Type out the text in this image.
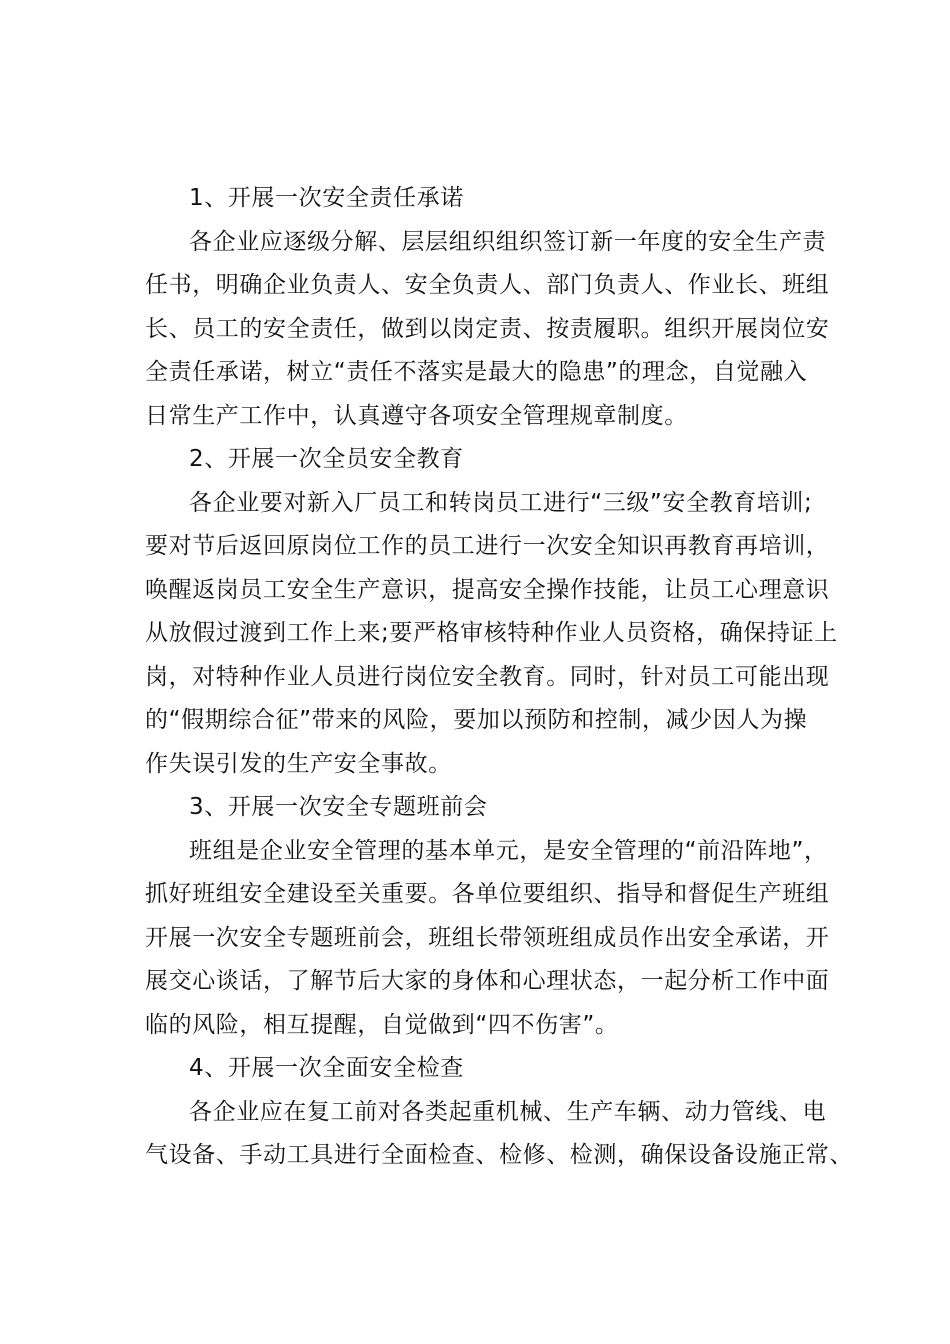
1、开展一次安全责任承诺
各企业应逐级分解、层层组织组织签订新一年度的安全生产责
任书，明确企业负责人、安全负责人、部门负责人、作业长、班组
长、员工的安全责任，做到以岗定责、按责履职。组织开展岗位安
全责任承诺，树立“责任不落实是最大的隐患”的理念，自觉融入
日常生产工作中，认真遵守各项安全管理规章制度。
2、开展一次全员安全教育
各企业要对新入厂员工和转岗员工进行“三级”安全教育培训;
要对节后返回原岗位工作的员工进行一次安全知识再教育再培训，
唤醒返岗员工安全生产意识，提高安全操作技能，让员工心理意识
从放假过渡到工作上来;要严格审核特种作业人员资格，确保持证上
岗，对特种作业人员进行岗位安全教育。同时，针对员工可能出现
的“假期综合征”带来的风险，要加以预防和控制，减少因人为操
作失误引发的生产安全事故。
3、开展一次安全专题班前会
班组是企业安全管理的基本单元，是安全管理的“前沿阵地”，
抓好班组安全建设至关重要。各单位要组织、指导和督促生产班组
开展一次安全专题班前会，班组长带领班组成员作出安全承诺，开
展交心谈话，了解节后大家的身体和心理状态，一起分析工作中面
临的风险，相互提醒，自觉做到“四不伤害”。
4、开展一次全面安全检查
各企业应在复工前对各类起重机械、生产车辆、动力管线、电
气设备、手动工具进行全面检查、检修、检测，确保设备设施正常、
